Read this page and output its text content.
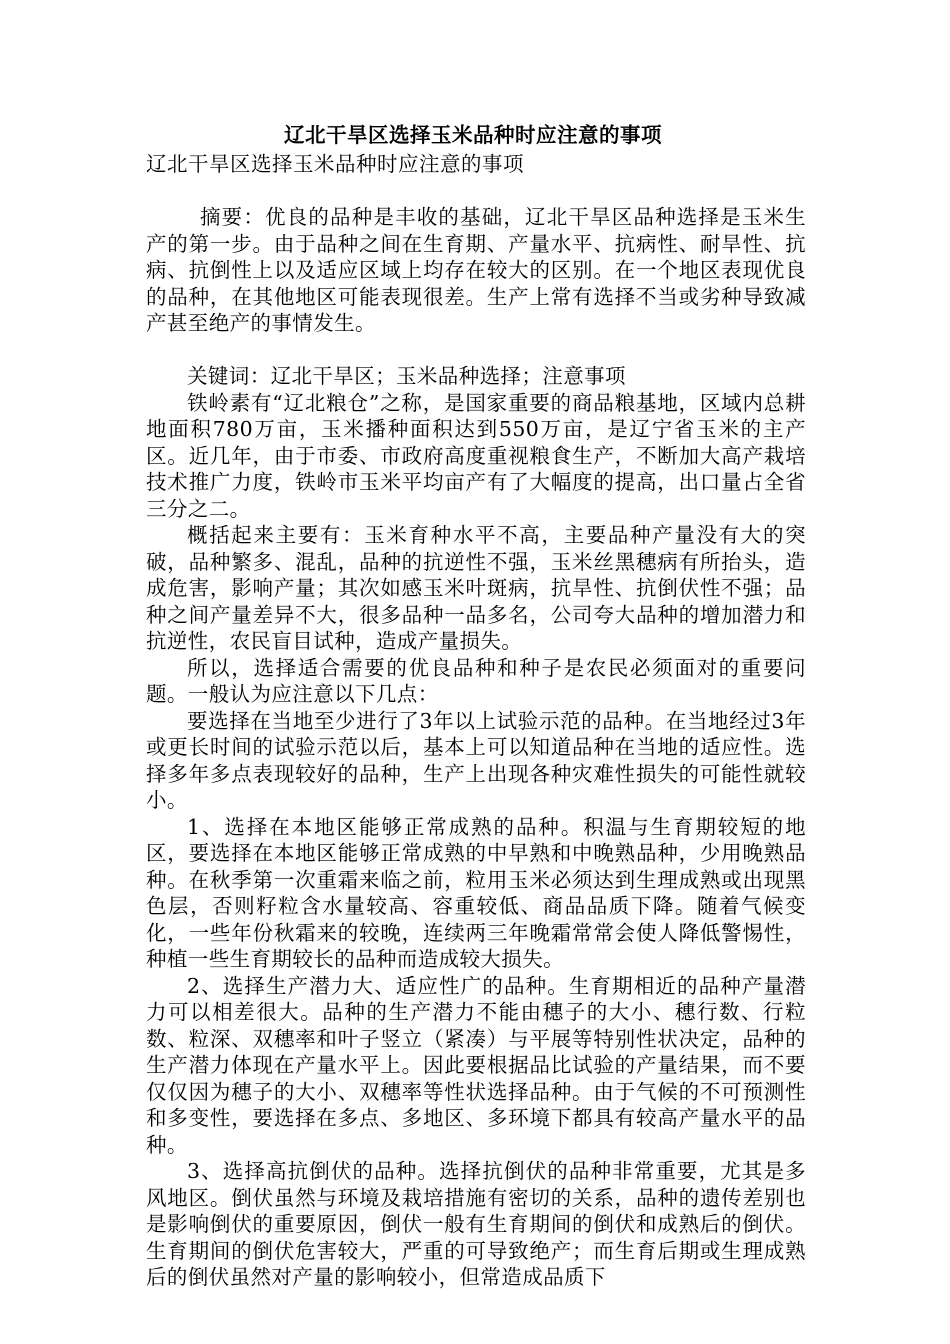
辽北干旱区选择玉米品种时应注意的事项
辽北干旱区选择玉米品种时应注意的事项

摘要：优良的品种是丰收的基础，辽北干旱区品种选择是玉米生产的第一步。由于品种之间在生育期、产量水平、抗病性、耐旱性、抗病、抗倒性上以及适应区域上均存在较大的区别。在一个地区表现优良的品种，在其他地区可能表现很差。生产上常有选择不当或劣种导致减产甚至绝产的事情发生。

关键词：辽北干旱区；玉米品种选择；注意事项

铁岭素有“辽北粮仓”之称，是国家重要的商品粮基地，区域内总耕地面积780万亩，玉米播种面积达到550万亩，是辽宁省玉米的主产区。近几年，由于市委、市政府高度重视粮食生产，不断加大高产栽培技术推广力度，铁岭市玉米平均亩产有了大幅度的提高，出口量占全省三分之二。

概括起来主要有：玉米育种水平不高，主要品种产量没有大的突破，品种繁多、混乱，品种的抗逆性不强，玉米丝黑穗病有所抬头，造成危害，影响产量；其次如感玉米叶斑病，抗旱性、抗倒伏性不强；品种之间产量差异不大，很多品种一品多名，公司夸大品种的增加潜力和抗逆性，农民盲目试种，造成产量损失。

所以，选择适合需要的优良品种和种子是农民必须面对的重要问题。一般认为应注意以下几点：

要选择在当地至少进行了3年以上试验示范的品种。在当地经过3年或更长时间的试验示范以后，基本上可以知道品种在当地的适应性。选择多年多点表现较好的品种，生产上出现各种灾难性损失的可能性就较小。

1、选择在本地区能够正常成熟的品种。积温与生育期较短的地区，要选择在本地区能够正常成熟的中早熟和中晚熟品种，少用晚熟品种。在秋季第一次重霜来临之前，粒用玉米必须达到生理成熟或出现黑色层，否则籽粒含水量较高、容重较低、商品品质下降。随着气候变化，一些年份秋霜来的较晚，连续两三年晚霜常常会使人降低警惕性，种植一些生育期较长的品种而造成较大损失。

2、选择生产潜力大、适应性广的品种。生育期相近的品种产量潜力可以相差很大。品种的生产潜力不能由穗子的大小、穗行数、行粒数、粒深、双穗率和叶子竖立（紧凑）与平展等特别性状决定，品种的生产潜力体现在产量水平上。因此要根据品比试验的产量结果，而不要仅仅因为穗子的大小、双穗率等性状选择品种。由于气候的不可预测性和多变性，要选择在多点、多地区、多环境下都具有较高产量水平的品种。

3、选择高抗倒伏的品种。选择抗倒伏的品种非常重要，尤其是多风地区。倒伏虽然与环境及栽培措施有密切的关系，品种的遗传差别也是影响倒伏的重要原因，倒伏一般有生育期间的倒伏和成熟后的倒伏。生育期间的倒伏危害较大，严重的可导致绝产；而生育后期或生理成熟后的倒伏虽然对产量的影响较小，但常造成品质下
